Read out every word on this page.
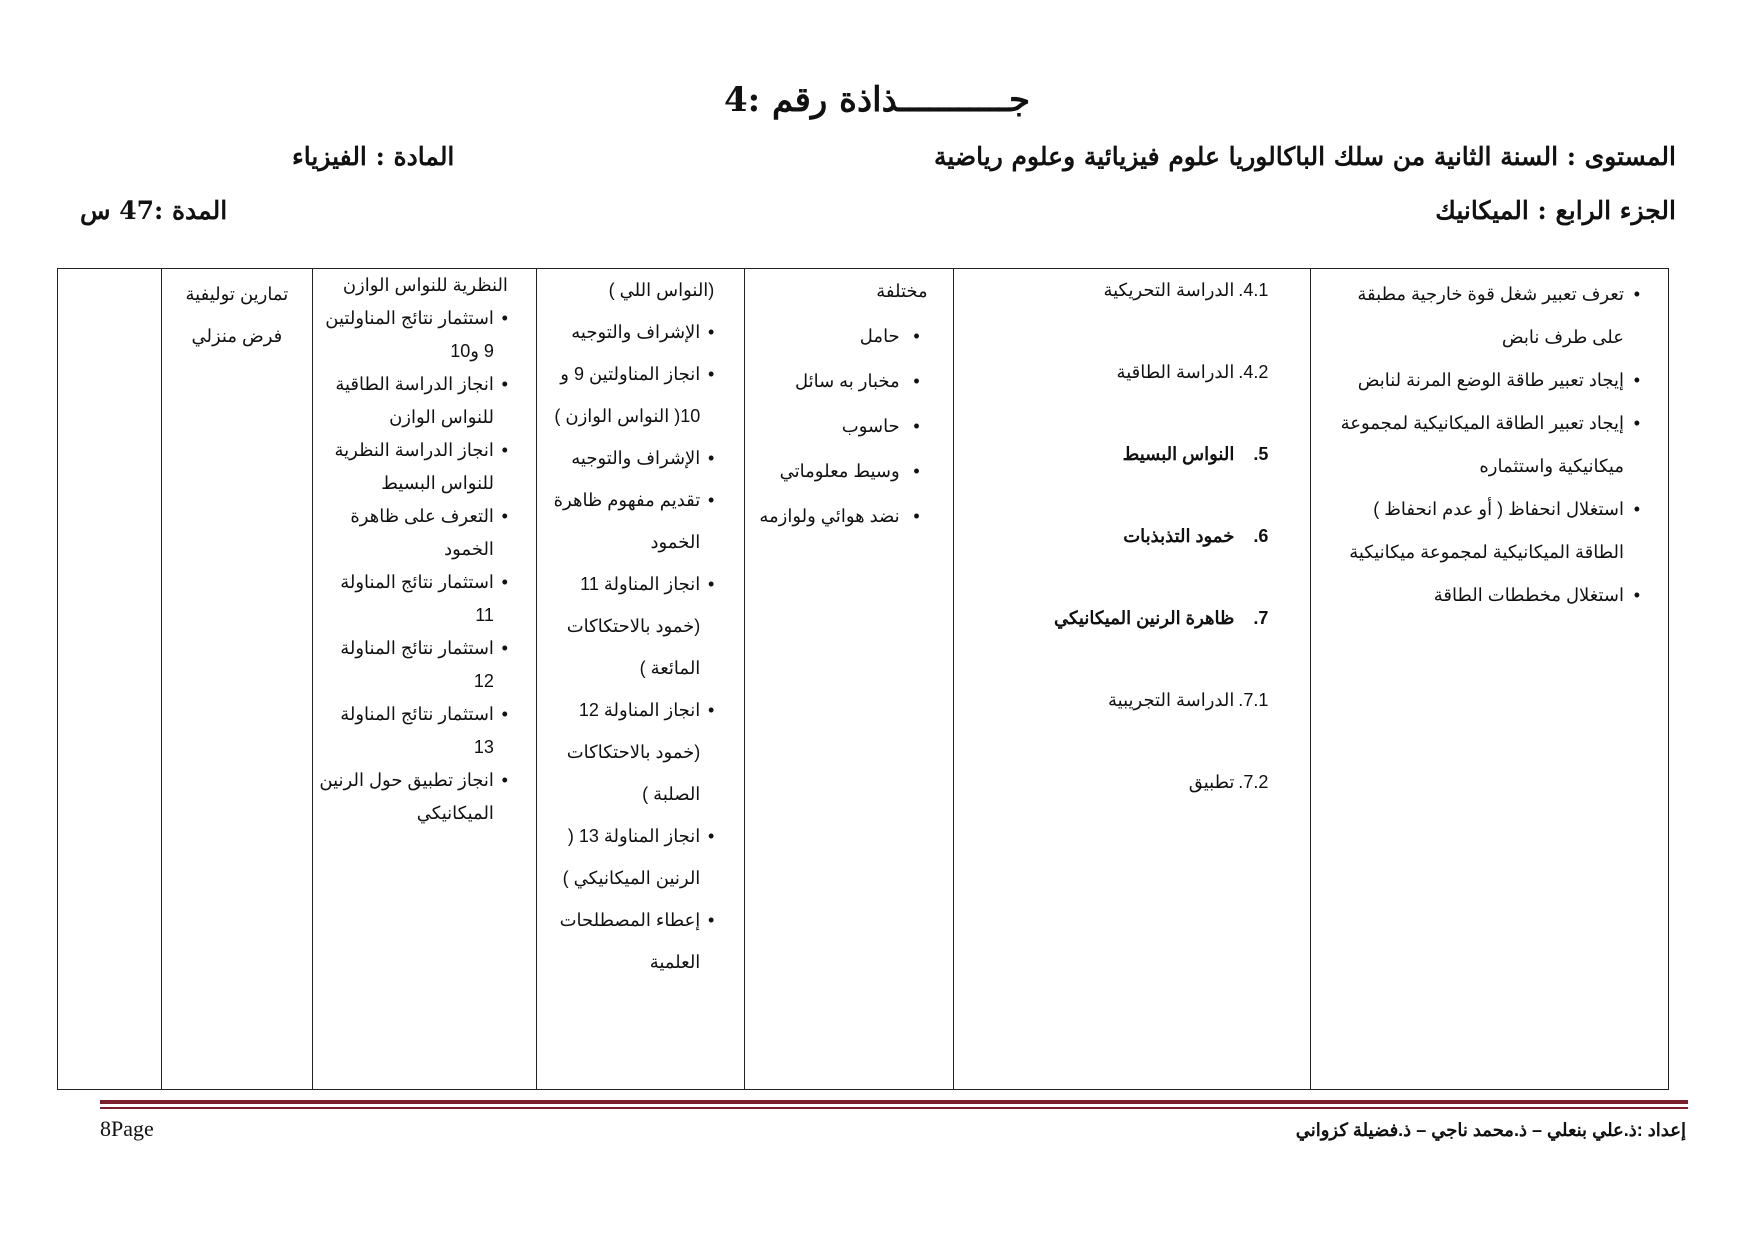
جـــــــــــذاذة رقم :4
المستوى : السنة الثانية من سلك الباكالوريا علوم فيزيائية وعلوم رياضية
المادة : الفيزياء
الجزء الرابع : الميكانيك
المدة :47 س
• تعرف تعبير شغل قوة خارجية مطبقة على طرف نابض
• إيجاد تعبير طاقة الوضع المرنة لنابض
• إيجاد تعبير الطاقة الميكانيكية لمجموعة ميكانيكية واستثماره
• استغلال انحفاظ ( أو عدم انحفاظ ) الطاقة الميكانيكية لمجموعة ميكانيكية
• استغلال مخططات الطاقة

4.1.
الدراسة التحريكية
4.2.
الدراسة الطاقية
5.
النواس البسيط
6.
خمود التذبذبات
7.
ظاهرة الرنين الميكانيكي
7.1.
الدراسة التجريبية
7.2.
تطبيق

مختلفة
• حامل
• مخبار به سائل
• حاسوب
• وسيط معلوماتي
• نضد هوائي ولوازمه

(النواس اللي )
• الإشراف والتوجيه
• انجاز المناولتين 9 و 10( النواس الوازن )
• الإشراف والتوجيه
• تقديم مفهوم ظاهرة الخمود
• انجاز المناولة 11 (خمود بالاحتكاكات المائعة )
• انجاز المناولة 12 (خمود بالاحتكاكات الصلبة )
• انجاز المناولة 13 ( الرنين الميكانيكي )
• إعطاء المصطلحات العلمية

النظرية للنواس الوازن
• استثمار نتائج المناولتين 9 و10
• انجاز الدراسة الطاقية للنواس الوازن
• انجاز الدراسة النظرية للنواس البسيط
• التعرف على ظاهرة الخمود
• استثمار نتائج المناولة 11
• استثمار نتائج المناولة 12
• استثمار نتائج المناولة 13
• انجاز تطبيق حول الرنين الميكانيكي

تمارين توليفية
فرض منزلي

إعداد :ذ.علي بنعلي – ذ.محمد ناجي – ذ.فضيلة كزواني
8Page
